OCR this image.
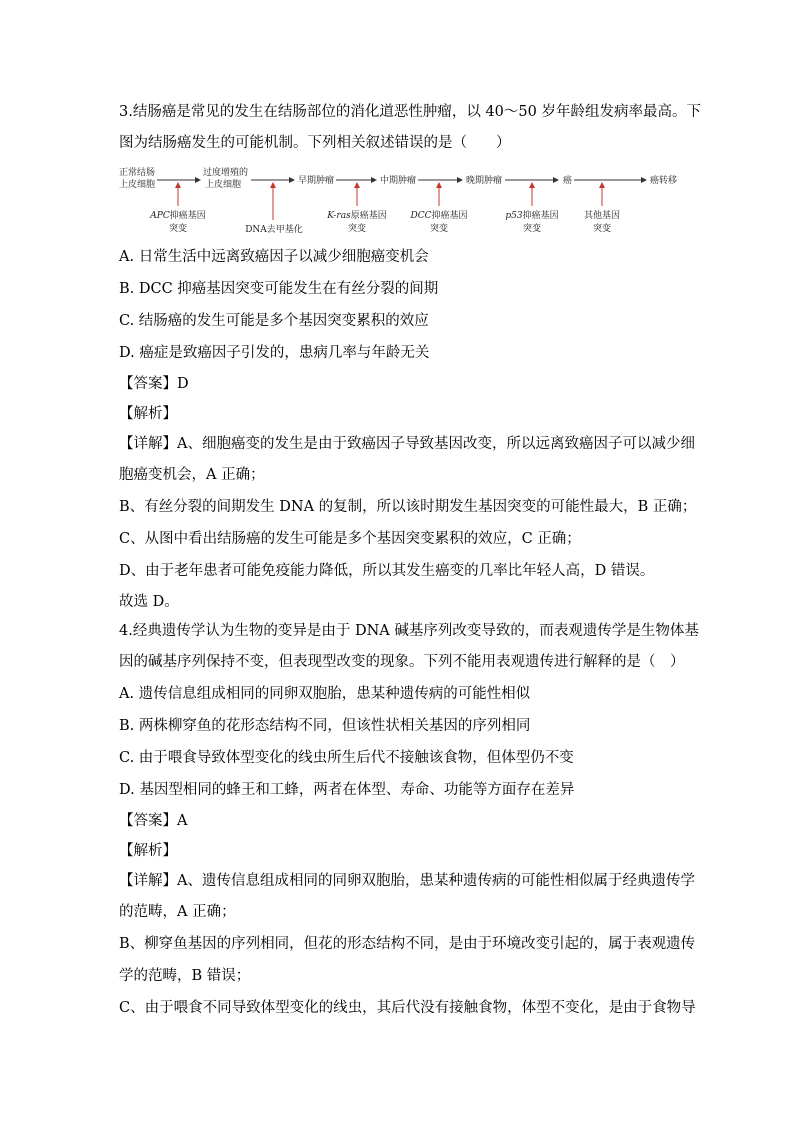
3.结肠癌是常见的发生在结肠部位的消化道恶性肿瘤，以 40～50 岁年龄组发病率最高。下
图为结肠癌发生的可能机制。下列相关叙述错误的是（　　）
正常结肠
上皮细胞
过度增殖的
上皮细胞	早期肿瘤	中期肿瘤	晚期肿瘤	癌	癌转移
APC抑癌基因
突变	DNA去甲基化
K-ras原癌基因
突变
DCC抑癌基因
突变
p53抑癌基因
突变
其他基因
突变
A. 日常生活中远离致癌因子以减少细胞癌变机会
B. DCC 抑癌基因突变可能发生在有丝分裂的间期
C. 结肠癌的发生可能是多个基因突变累积的效应
D. 癌症是致癌因子引发的，患病几率与年龄无关
【答案】D
【解析】
【详解】A、细胞癌变的发生是由于致癌因子导致基因改变，所以远离致癌因子可以减少细
胞癌变机会，A 正确；
B、有丝分裂的间期发生 DNA 的复制，所以该时期发生基因突变的可能性最大，B 正确；
C、从图中看出结肠癌的发生可能是多个基因突变累积的效应，C 正确；
D、由于老年患者可能免疫能力降低，所以其发生癌变的几率比年轻人高，D 错误。
故选 D。
4.经典遗传学认为生物的变异是由于 DNA 碱基序列改变导致的，而表观遗传学是生物体基
因的碱基序列保持不变，但表现型改变的现象。下列不能用表观遗传进行解释的是（　）
A. 遗传信息组成相同的同卵双胞胎，患某种遗传病的可能性相似
B. 两株柳穿鱼的花形态结构不同，但该性状相关基因的序列相同
C. 由于喂食导致体型变化的线虫所生后代不接触该食物，但体型仍不变
D. 基因型相同的蜂王和工蜂，两者在体型、寿命、功能等方面存在差异
【答案】A
【解析】
【详解】A、遗传信息组成相同的同卵双胞胎，患某种遗传病的可能性相似属于经典遗传学
的范畴，A 正确；
B、柳穿鱼基因的序列相同，但花的形态结构不同，是由于环境改变引起的，属于表观遗传
学的范畴，B 错误；
C、由于喂食不同导致体型变化的线虫，其后代没有接触食物，体型不变化，是由于食物导
